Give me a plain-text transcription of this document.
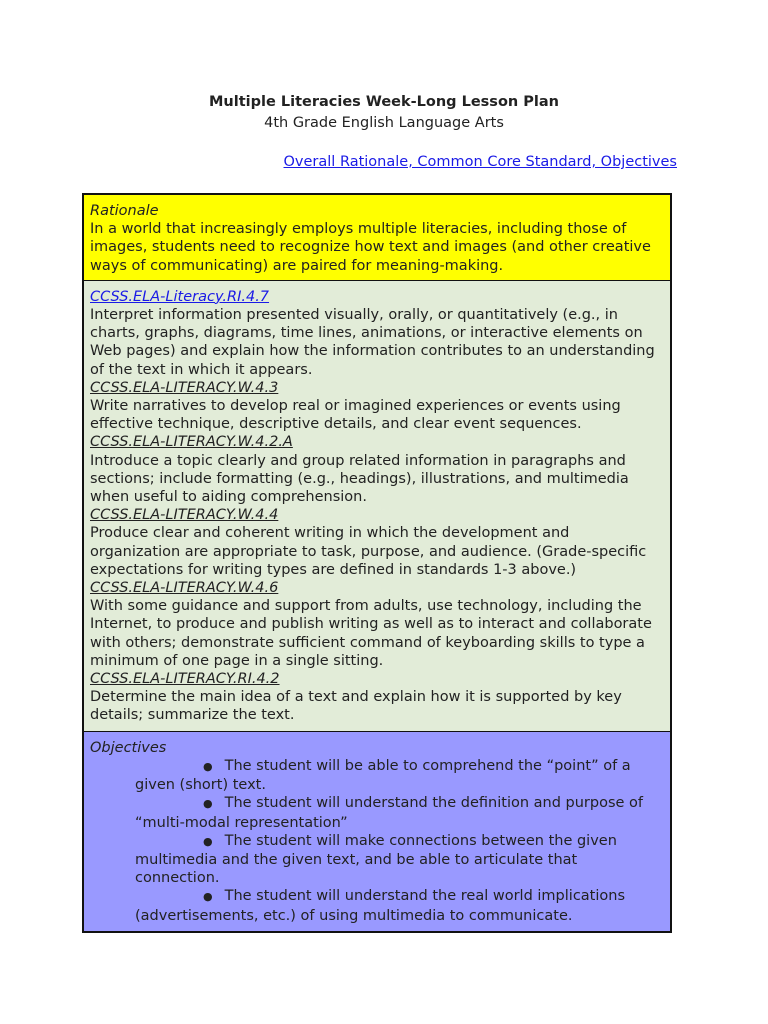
Multiple Literacies Week-Long Lesson Plan
4th Grade English Language Arts
Overall Rationale, Common Core Standard, Objectives
Rationale
In a world that increasingly employs multiple literacies, including those of images, students need to recognize how text and images (and other creative ways of communicating) are paired for meaning-making.
CCSS.ELA-Literacy.RI.4.7
Interpret information presented visually, orally, or quantitatively (e.g., in charts, graphs, diagrams, time lines, animations, or interactive elements on Web pages) and explain how the information contributes to an understanding of the text in which it appears.
CCSS.ELA-LITERACY.W.4.3
Write narratives to develop real or imagined experiences or events using effective technique, descriptive details, and clear event sequences.
CCSS.ELA-LITERACY.W.4.2.A
Introduce a topic clearly and group related information in paragraphs and sections; include formatting (e.g., headings), illustrations, and multimedia when useful to aiding comprehension.
CCSS.ELA-LITERACY.W.4.4
Produce clear and coherent writing in which the development and organization are appropriate to task, purpose, and audience. (Grade-specific expectations for writing types are defined in standards 1-3 above.)
CCSS.ELA-LITERACY.W.4.6
With some guidance and support from adults, use technology, including the Internet, to produce and publish writing as well as to interact and collaborate with others; demonstrate sufficient command of keyboarding skills to type a minimum of one page in a single sitting.
CCSS.ELA-LITERACY.RI.4.2
Determine the main idea of a text and explain how it is supported by key details; summarize the text.
Objectives
● The student will be able to comprehend the “point” of a given (short) text.
● The student will understand the definition and purpose of “multi-modal representation”
● The student will make connections between the given multimedia and the given text, and be able to articulate that connection.
● The student will understand the real world implications (advertisements, etc.) of using multimedia to communicate.
